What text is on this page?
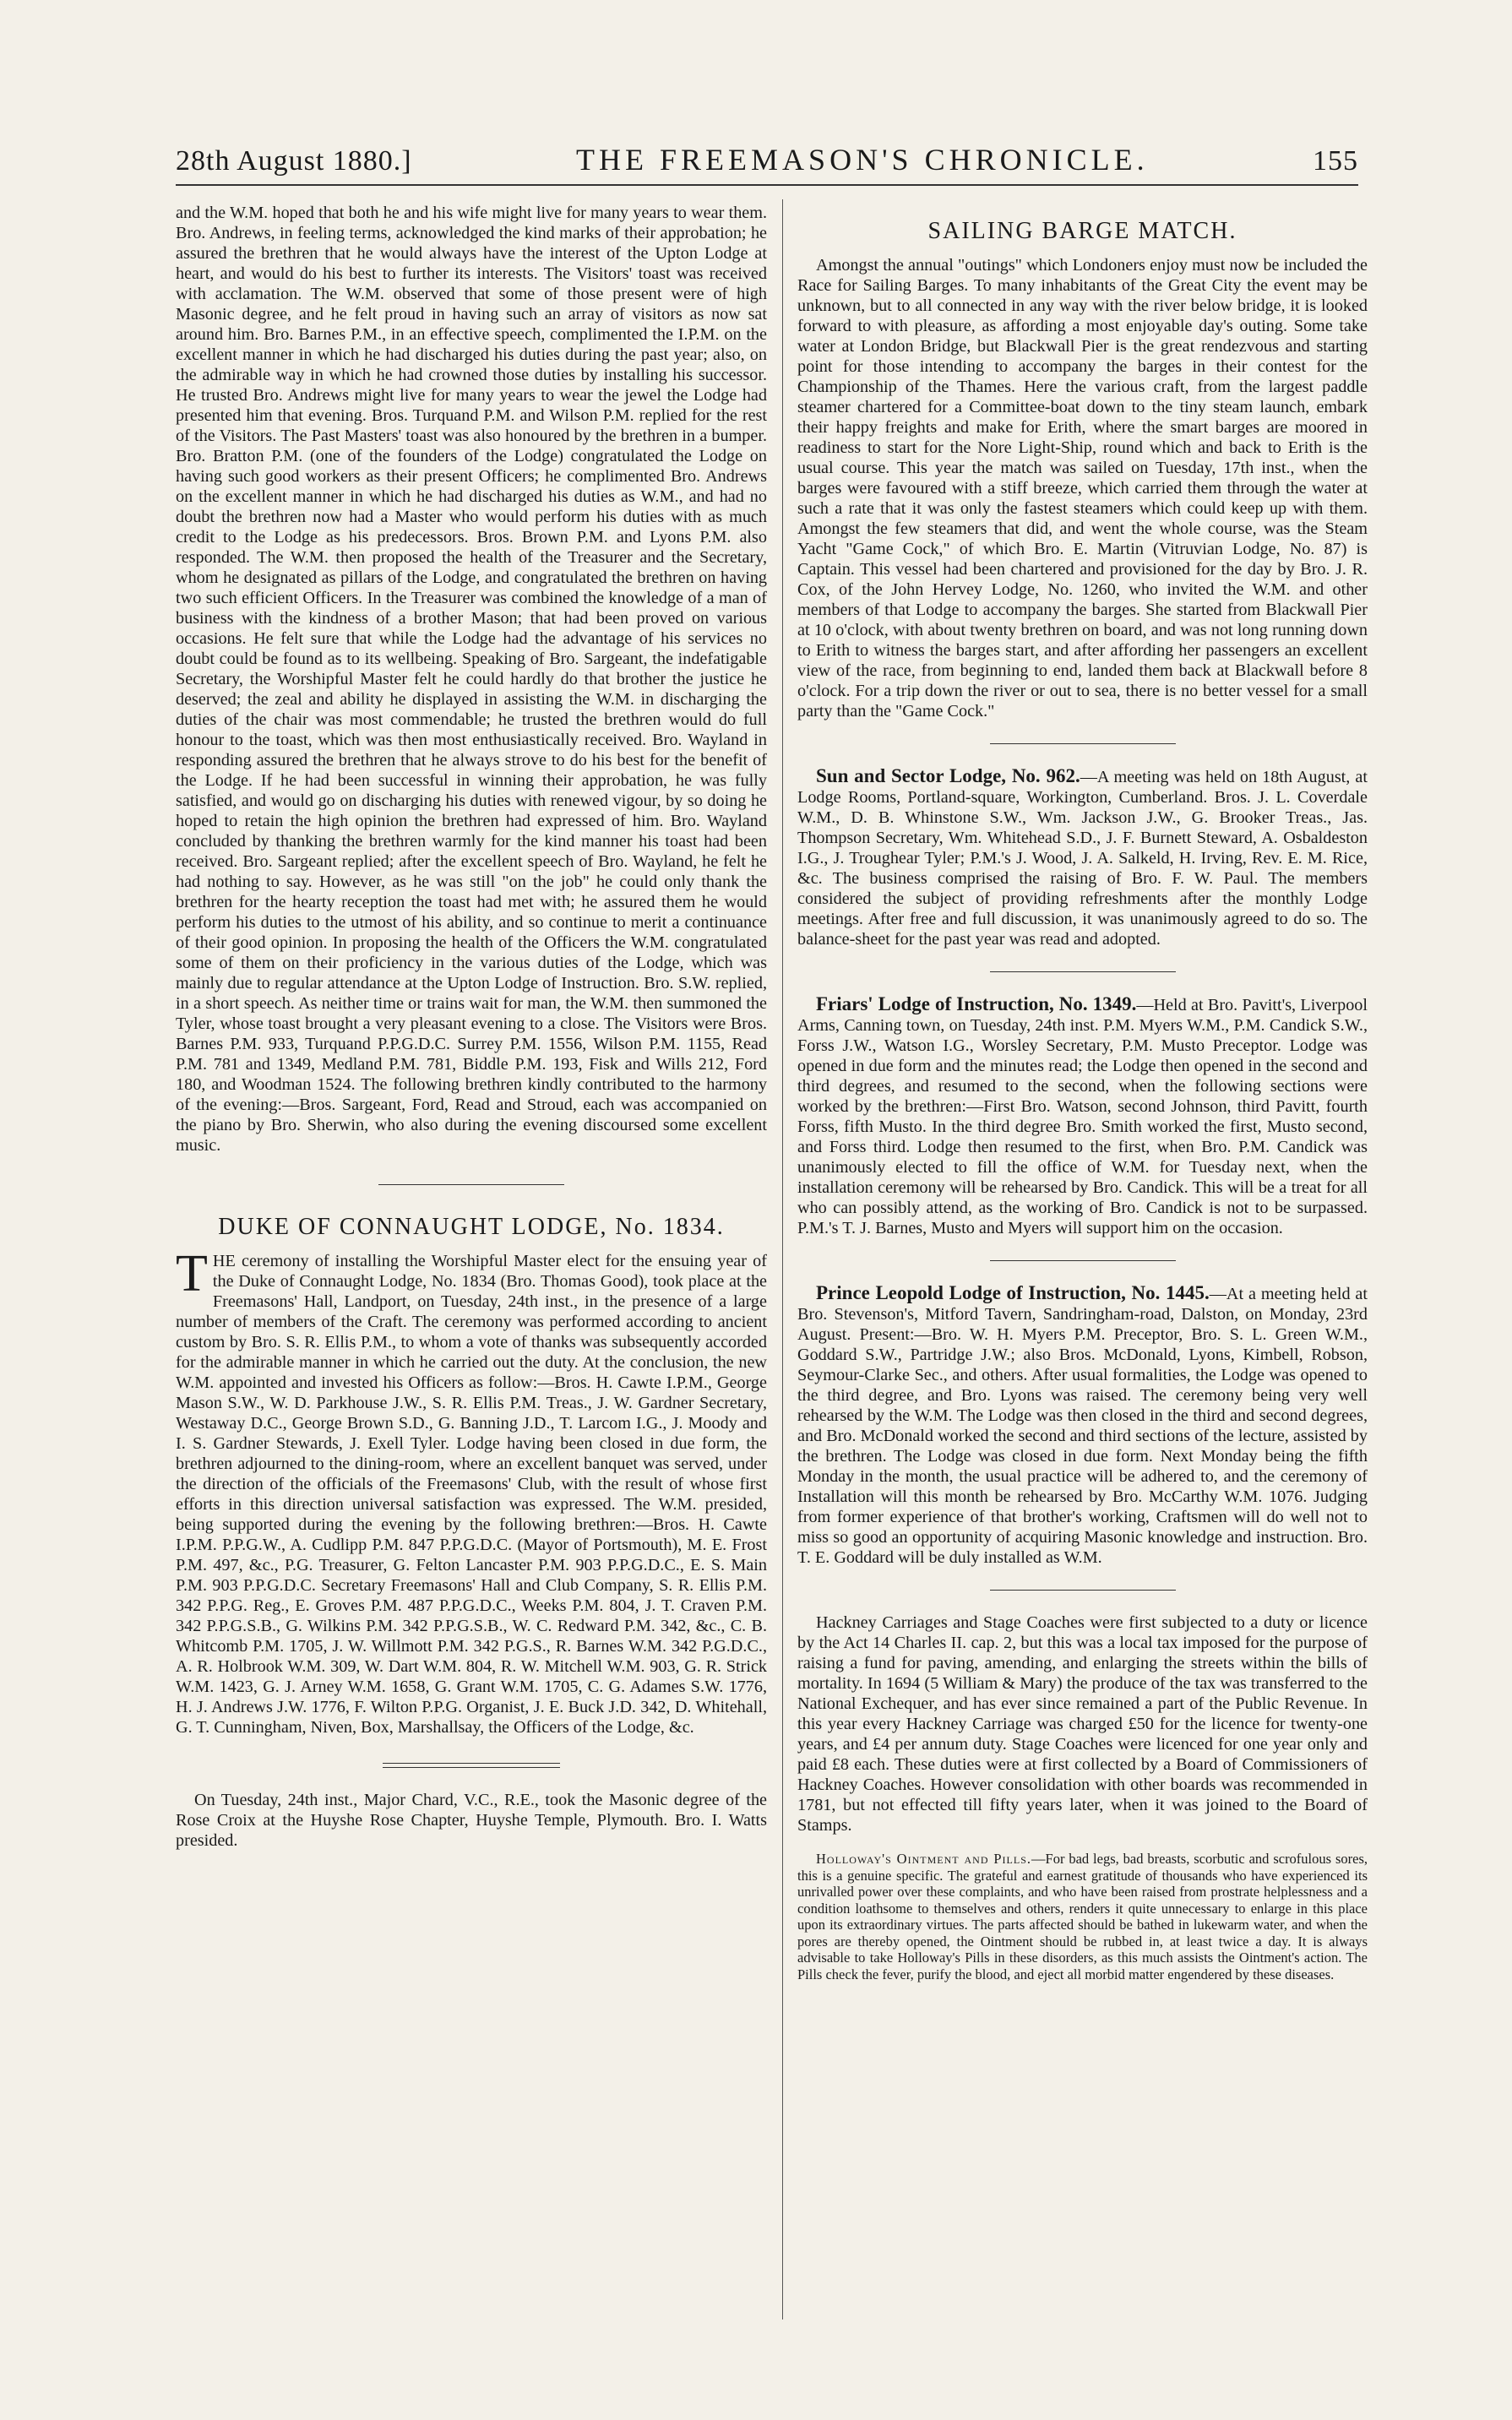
28th August 1880.]	THE FREEMASON'S CHRONICLE.	155

and the W.M. hoped that both he and his wife might live for many years to wear them. Bro. Andrews, in feeling terms, acknowledged the kind marks of their approbation; he assured the brethren that he would always have the interest of the Upton Lodge at heart, and would do his best to further its interests. The Visitors' toast was received with acclamation. The W.M. observed that some of those present were of high Masonic degree, and he felt proud in having such an array of visitors as now sat around him. Bro. Barnes P.M., in an effective speech, complimented the I.P.M. on the excellent manner in which he had discharged his duties during the past year; also, on the admirable way in which he had crowned those duties by installing his successor. He trusted Bro. Andrews might live for many years to wear the jewel the Lodge had presented him that evening. Bros. Turquand P.M. and Wilson P.M. replied for the rest of the Visitors. The Past Masters' toast was also honoured by the brethren in a bumper. Bro. Bratton P.M. (one of the founders of the Lodge) congratulated the Lodge on having such good workers as their present Officers; he complimented Bro. Andrews on the excellent manner in which he had discharged his duties as W.M., and had no doubt the brethren now had a Master who would perform his duties with as much credit to the Lodge as his predecessors. Bros. Brown P.M. and Lyons P.M. also responded. The W.M. then proposed the health of the Treasurer and the Secretary, whom he designated as pillars of the Lodge, and congratulated the brethren on having two such efficient Officers. In the Treasurer was combined the knowledge of a man of business with the kindness of a brother Mason; that had been proved on various occasions. He felt sure that while the Lodge had the advantage of his services no doubt could be found as to its wellbeing. Speaking of Bro. Sargeant, the indefatigable Secretary, the Worshipful Master felt he could hardly do that brother the justice he deserved; the zeal and ability he displayed in assisting the W.M. in discharging the duties of the chair was most commendable; he trusted the brethren would do full honour to the toast, which was then most enthusiastically received. Bro. Wayland in responding assured the brethren that he always strove to do his best for the benefit of the Lodge. If he had been successful in winning their approbation, he was fully satisfied, and would go on discharging his duties with renewed vigour, by so doing he hoped to retain the high opinion the brethren had expressed of him. Bro. Wayland concluded by thanking the brethren warmly for the kind manner his toast had been received. Bro. Sargeant replied; after the excellent speech of Bro. Wayland, he felt he had nothing to say. However, as he was still "on the job" he could only thank the brethren for the hearty reception the toast had met with; he assured them he would perform his duties to the utmost of his ability, and so continue to merit a continuance of their good opinion. In proposing the health of the Officers the W.M. congratulated some of them on their proficiency in the various duties of the Lodge, which was mainly due to regular attendance at the Upton Lodge of Instruction. Bro. S.W. replied, in a short speech. As neither time or trains wait for man, the W.M. then summoned the Tyler, whose toast brought a very pleasant evening to a close. The Visitors were Bros. Barnes P.M. 933, Turquand P.P.G.D.C. Surrey P.M. 1556, Wilson P.M. 1155, Read P.M. 781 and 1349, Medland P.M. 781, Biddle P.M. 193, Fisk and Wills 212, Ford 180, and Woodman 1524. The following brethren kindly contributed to the harmony of the evening:—Bros. Sargeant, Ford, Read and Stroud, each was accompanied on the piano by Bro. Sherwin, who also during the evening discoursed some excellent music.

DUKE OF CONNAUGHT LODGE, No. 1834.

THE ceremony of installing the Worshipful Master elect for the ensuing year of the Duke of Connaught Lodge, No. 1834 (Bro. Thomas Good), took place at the Freemasons' Hall, Landport, on Tuesday, 24th inst., in the presence of a large number of members of the Craft. The ceremony was performed according to ancient custom by Bro. S. R. Ellis P.M., to whom a vote of thanks was subsequently accorded for the admirable manner in which he carried out the duty. At the conclusion, the new W.M. appointed and invested his Officers as follow:—Bros. H. Cawte I.P.M., George Mason S.W., W. D. Parkhouse J.W., S. R. Ellis P.M. Treas., J. W. Gardner Secretary, Westaway D.C., George Brown S.D., G. Banning J.D., T. Larcom I.G., J. Moody and I. S. Gardner Stewards, J. Exell Tyler. Lodge having been closed in due form, the brethren adjourned to the dining-room, where an excellent banquet was served, under the direction of the officials of the Freemasons' Club, with the result of whose first efforts in this direction universal satisfaction was expressed. The W.M. presided, being supported during the evening by the following brethren:—Bros. H. Cawte I.P.M. P.P.G.W., A. Cudlipp P.M. 847 P.P.G.D.C. (Mayor of Portsmouth), M. E. Frost P.M. 497, &c., P.G. Treasurer, G. Felton Lancaster P.M. 903 P.P.G.D.C., E. S. Main P.M. 903 P.P.G.D.C. Secretary Freemasons' Hall and Club Company, S. R. Ellis P.M. 342 P.P.G. Reg., E. Groves P.M. 487 P.P.G.D.C., Weeks P.M. 804, J. T. Craven P.M. 342 P.P.G.S.B., G. Wilkins P.M. 342 P.P.G.S.B., W. C. Redward P.M. 342, &c., C. B. Whitcomb P.M. 1705, J. W. Willmott P.M. 342 P.G.S., R. Barnes W.M. 342 P.G.D.C., A. R. Holbrook W.M. 309, W. Dart W.M. 804, R. W. Mitchell W.M. 903, G. R. Strick W.M. 1423, G. J. Arney W.M. 1658, G. Grant W.M. 1705, C. G. Adames S.W. 1776, H. J. Andrews J.W. 1776, F. Wilton P.P.G. Organist, J. E. Buck J.D. 342, D. Whitehall, G. T. Cunningham, Niven, Box, Marshallsay, the Officers of the Lodge, &c.

On Tuesday, 24th inst., Major Chard, V.C., R.E., took the Masonic degree of the Rose Croix at the Huyshe Rose Chapter, Huyshe Temple, Plymouth. Bro. I. Watts presided.

SAILING BARGE MATCH.

Amongst the annual "outings" which Londoners enjoy must now be included the Race for Sailing Barges. To many inhabitants of the Great City the event may be unknown, but to all connected in any way with the river below bridge, it is looked forward to with pleasure, as affording a most enjoyable day's outing. Some take water at London Bridge, but Blackwall Pier is the great rendezvous and starting point for those intending to accompany the barges in their contest for the Championship of the Thames. Here the various craft, from the largest paddle steamer chartered for a Committee-boat down to the tiny steam launch, embark their happy freights and make for Erith, where the smart barges are moored in readiness to start for the Nore Light-Ship, round which and back to Erith is the usual course. This year the match was sailed on Tuesday, 17th inst., when the barges were favoured with a stiff breeze, which carried them through the water at such a rate that it was only the fastest steamers which could keep up with them. Amongst the few steamers that did, and went the whole course, was the Steam Yacht "Game Cock," of which Bro. E. Martin (Vitruvian Lodge, No. 87) is Captain. This vessel had been chartered and provisioned for the day by Bro. J. R. Cox, of the John Hervey Lodge, No. 1260, who invited the W.M. and other members of that Lodge to accompany the barges. She started from Blackwall Pier at 10 o'clock, with about twenty brethren on board, and was not long running down to Erith to witness the barges start, and after affording her passengers an excellent view of the race, from beginning to end, landed them back at Blackwall before 8 o'clock. For a trip down the river or out to sea, there is no better vessel for a small party than the "Game Cock."

Sun and Sector Lodge, No. 962.—A meeting was held on 18th August, at Lodge Rooms, Portland-square, Workington, Cumberland. Bros. J. L. Coverdale W.M., D. B. Whinstone S.W., Wm. Jackson J.W., G. Brooker Treas., Jas. Thompson Secretary, Wm. Whitehead S.D., J. F. Burnett Steward, A. Osbaldeston I.G., J. Troughear Tyler; P.M.'s J. Wood, J. A. Salkeld, H. Irving, Rev. E. M. Rice, &c. The business comprised the raising of Bro. F. W. Paul. The members considered the subject of providing refreshments after the monthly Lodge meetings. After free and full discussion, it was unanimously agreed to do so. The balance-sheet for the past year was read and adopted.

Friars' Lodge of Instruction, No. 1349.—Held at Bro. Pavitt's, Liverpool Arms, Canning town, on Tuesday, 24th inst. P.M. Myers W.M., P.M. Candick S.W., Forss J.W., Watson I.G., Worsley Secretary, P.M. Musto Preceptor. Lodge was opened in due form and the minutes read; the Lodge then opened in the second and third degrees, and resumed to the second, when the following sections were worked by the brethren:—First Bro. Watson, second Johnson, third Pavitt, fourth Forss, fifth Musto. In the third degree Bro. Smith worked the first, Musto second, and Forss third. Lodge then resumed to the first, when Bro. P.M. Candick was unanimously elected to fill the office of W.M. for Tuesday next, when the installation ceremony will be rehearsed by Bro. Candick. This will be a treat for all who can possibly attend, as the working of Bro. Candick is not to be surpassed. P.M.'s T. J. Barnes, Musto and Myers will support him on the occasion.

Prince Leopold Lodge of Instruction, No. 1445.—At a meeting held at Bro. Stevenson's, Mitford Tavern, Sandringham-road, Dalston, on Monday, 23rd August. Present:—Bro. W. H. Myers P.M. Preceptor, Bro. S. L. Green W.M., Goddard S.W., Partridge J.W.; also Bros. McDonald, Lyons, Kimbell, Robson, Seymour-Clarke Sec., and others. After usual formalities, the Lodge was opened to the third degree, and Bro. Lyons was raised. The ceremony being very well rehearsed by the W.M. The Lodge was then closed in the third and second degrees, and Bro. McDonald worked the second and third sections of the lecture, assisted by the brethren. The Lodge was closed in due form. Next Monday being the fifth Monday in the month, the usual practice will be adhered to, and the ceremony of Installation will this month be rehearsed by Bro. McCarthy W.M. 1076. Judging from former experience of that brother's working, Craftsmen will do well not to miss so good an opportunity of acquiring Masonic knowledge and instruction. Bro. T. E. Goddard will be duly installed as W.M.

Hackney Carriages and Stage Coaches were first subjected to a duty or licence by the Act 14 Charles II. cap. 2, but this was a local tax imposed for the purpose of raising a fund for paving, amending, and enlarging the streets within the bills of mortality. In 1694 (5 William & Mary) the produce of the tax was transferred to the National Exchequer, and has ever since remained a part of the Public Revenue. In this year every Hackney Carriage was charged £50 for the licence for twenty-one years, and £4 per annum duty. Stage Coaches were licenced for one year only and paid £8 each. These duties were at first collected by a Board of Commissioners of Hackney Coaches. However consolidation with other boards was recommended in 1781, but not effected till fifty years later, when it was joined to the Board of Stamps.

Holloway's Ointment and Pills.—For bad legs, bad breasts, scorbutic and scrofulous sores, this is a genuine specific. The grateful and earnest gratitude of thousands who have experienced its unrivalled power over these complaints, and who have been raised from prostrate helplessness and a condition loathsome to themselves and others, renders it quite unnecessary to enlarge in this place upon its extraordinary virtues. The parts affected should be bathed in lukewarm water, and when the pores are thereby opened, the Ointment should be rubbed in, at least twice a day. It is always advisable to take Holloway's Pills in these disorders, as this much assists the Ointment's action. The Pills check the fever, purify the blood, and eject all morbid matter engendered by these diseases.
